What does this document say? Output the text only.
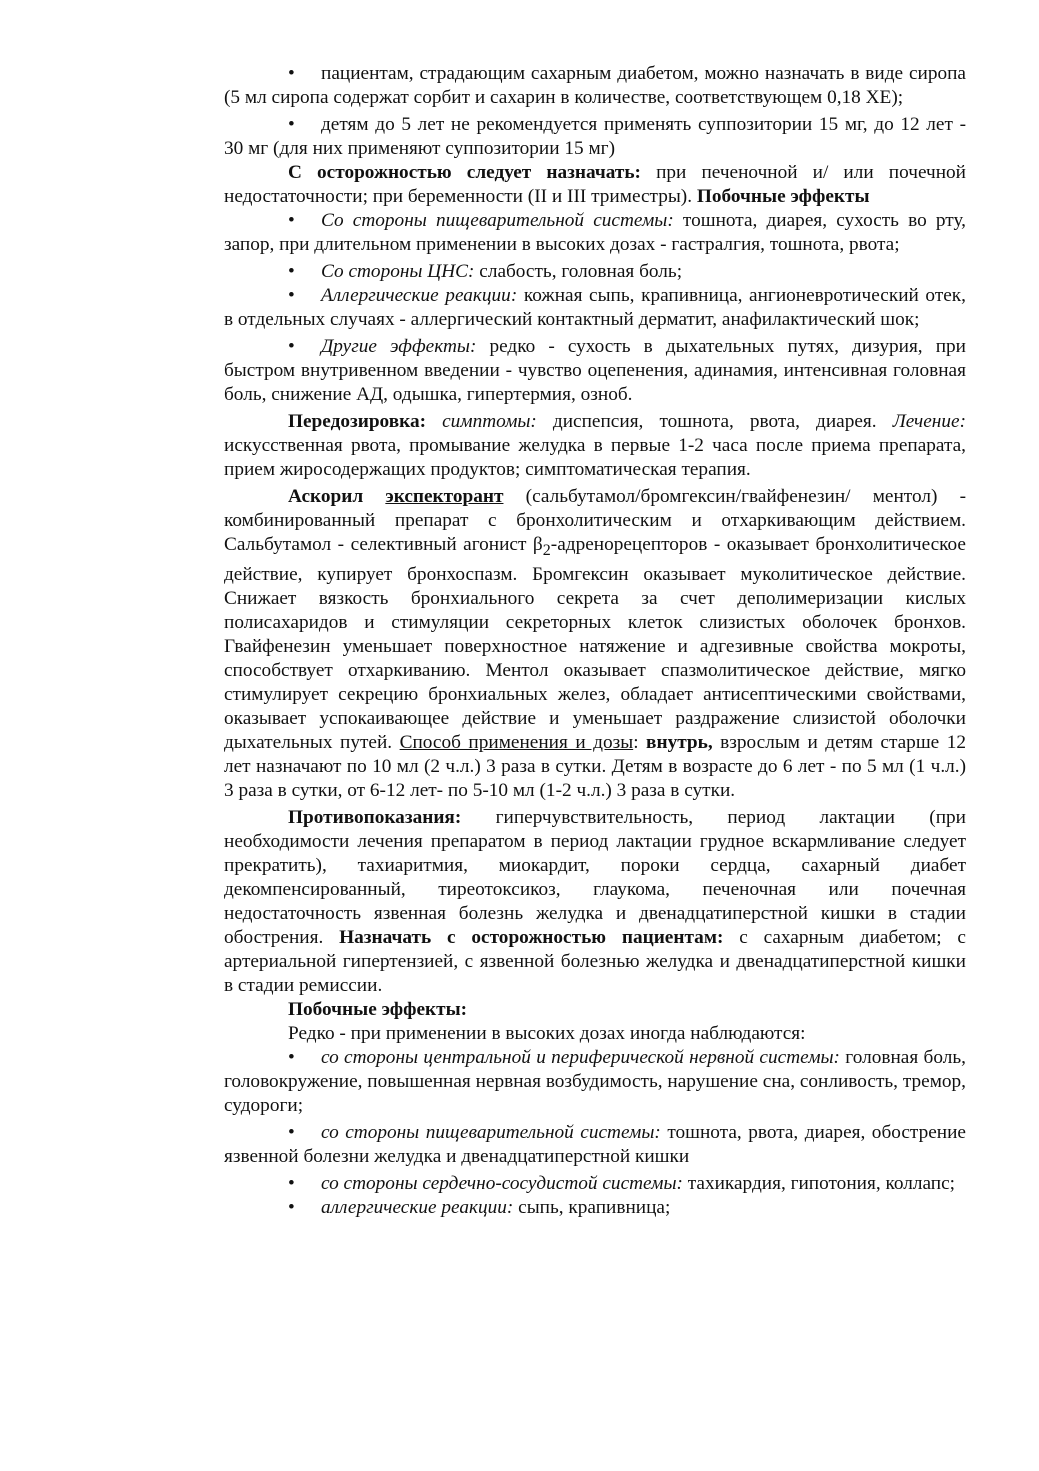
• пациентам, страдающим сахарным диабетом, можно назначать в виде сиропа (5 мл сиропа содержат сорбит и сахарин в количестве, соответствующем 0,18 ХЕ);
• детям до 5 лет не рекомендуется применять суппозитории 15 мг, до 12 лет - 30 мг (для них применяют суппозитории 15 мг)

С осторожностью следует назначать: при печеночной и/ или почечной недостаточности; при беременности (II и III триместры). Побочные эффекты

• Со стороны пищеварительной системы: тошнота, диарея, сухость во рту, запор, при длительном применении в высоких дозах - гастралгия, тошнота, рвота;
• Со стороны ЦНС: слабость, головная боль;
• Аллергические реакции: кожная сыпь, крапивница, ангионевротический отек, в отдельных случаях - аллергический контактный дерматит, анафилактический шок;
• Другие эффекты: редко - сухость в дыхательных путях, дизурия, при быстром внутривенном введении - чувство оцепенения, адинамия, интенсивная головная боль, снижение АД, одышка, гипертермия, озноб.

Передозировка: симптомы: диспепсия, тошнота, рвота, диарея. Лечение: искусственная рвота, промывание желудка в первые 1-2 часа после приема препарата, прием жиросодержащих продуктов; симптоматическая терапия.

Аскорил экспекторант (сальбутамол/бромгексин/гвайфенезин/ ментол) - комбинированный препарат с бронхолитическим и отхаркивающим действием. Сальбутамол - селективный агонист $\beta_2$-адренорецепторов - оказывает бронхолитическое действие, купирует бронхоспазм. Бромгексин оказывает муколитическое действие. Снижает вязкость бронхиального секрета за счет деполимеризации кислых полисахаридов и стимуляции секреторных клеток слизистых оболочек бронхов. Гвайфенезин уменьшает поверхностное натяжение и адгезивные свойства мокроты, способствует отхаркиванию. Ментол оказывает спазмолитическое действие, мягко стимулирует секрецию бронхиальных желез, обладает антисептическими свойствами, оказывает успокаивающее действие и уменьшает раздражение слизистой оболочки дыхательных путей. Способ применения и дозы: внутрь, взрослым и детям старше 12 лет назначают по 10 мл (2 ч.л.) 3 раза в сутки. Детям в возрасте до 6 лет - по 5 мл (1 ч.л.) 3 раза в сутки, от 6-12 лет- по 5-10 мл (1-2 ч.л.) 3 раза в сутки.

Противопоказания: гиперчувствительность, период лактации (при необходимости лечения препаратом в период лактации грудное вскармливание следует прекратить), тахиаритмия, миокардит, пороки сердца, сахарный диабет декомпенсированный, тиреотоксикоз, глаукома, печеночная или почечная недостаточность язвенная болезнь желудка и двенадцатиперстной кишки в стадии обострения. Назначать с осторожностью пациентам: с сахарным диабетом; с артериальной гипертензией, с язвенной болезнью желудка и двенадцатиперстной кишки в стадии ремиссии.

Побочные эффекты:

Редко - при применении в высоких дозах иногда наблюдаются:

• со стороны центральной и периферической нервной системы: головная боль, головокружение, повышенная нервная возбудимость, нарушение сна, сонливость, тремор, судороги;
• со стороны пищеварительной системы: тошнота, рвота, диарея, обострение язвенной болезни желудка и двенадцатиперстной кишки
• со стороны сердечно-сосудистой системы: тахикардия, гипотония, коллапс;
• аллергические реакции: сыпь, крапивница;
